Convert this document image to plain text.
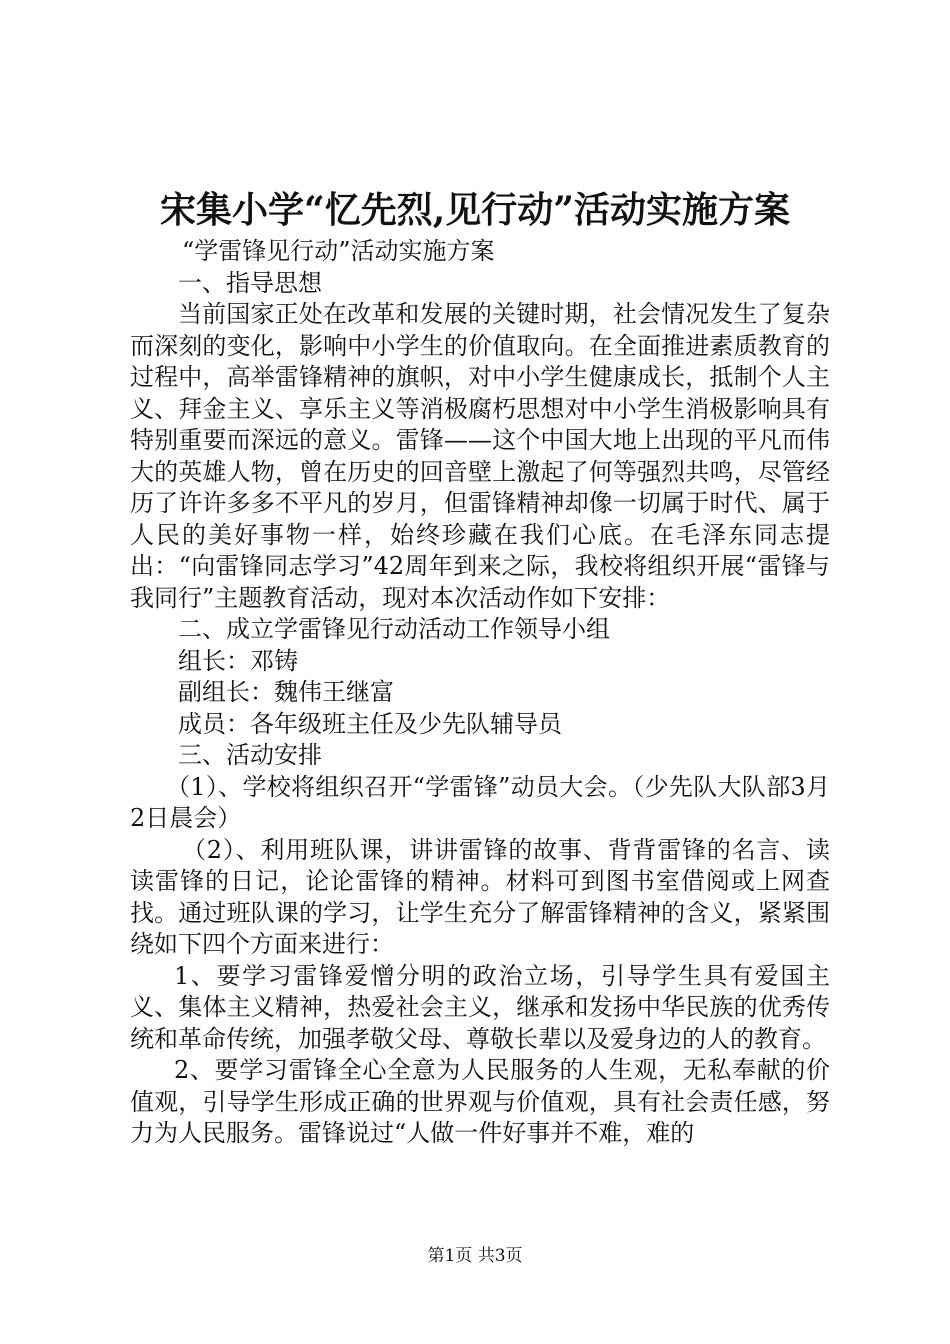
宋集小学“忆先烈,见行动”活动实施方案

“学雷锋见行动”活动实施方案

一、指导思想

当前国家正处在改革和发展的关键时期，社会情况发生了复杂而深刻的变化，影响中小学生的价值取向。在全面推进素质教育的过程中，高举雷锋精神的旗帜，对中小学生健康成长，抵制个人主义、拜金主义、享乐主义等消极腐朽思想对中小学生消极影响具有特别重要而深远的意义。雷锋——这个中国大地上出现的平凡而伟大的英雄人物，曾在历史的回音壁上激起了何等强烈共鸣，尽管经历了许许多多不平凡的岁月，但雷锋精神却像一切属于时代、属于人民的美好事物一样，始终珍藏在我们心底。在毛泽东同志提出：“向雷锋同志学习”42周年到来之际，我校将组织开展“雷锋与我同行”主题教育活动，现对本次活动作如下安排：

二、成立学雷锋见行动活动工作领导小组

组长：邓铸

副组长：魏伟王继富

成员：各年级班主任及少先队辅导员

三、活动安排

（1）、学校将组织召开“学雷锋”动员大会。（少先队大队部3月2日晨会）

（2）、利用班队课，讲讲雷锋的故事、背背雷锋的名言、读读雷锋的日记，论论雷锋的精神。材料可到图书室借阅或上网查找。通过班队课的学习，让学生充分了解雷锋精神的含义，紧紧围绕如下四个方面来进行：

1、要学习雷锋爱憎分明的政治立场，引导学生具有爱国主义、集体主义精神，热爱社会主义，继承和发扬中华民族的优秀传统和革命传统，加强孝敬父母、尊敬长辈以及爱身边的人的教育。

2、要学习雷锋全心全意为人民服务的人生观，无私奉献的价值观，引导学生形成正确的世界观与价值观，具有社会责任感，努力为人民服务。雷锋说过“人做一件好事并不难，难的

第1页 共3页
